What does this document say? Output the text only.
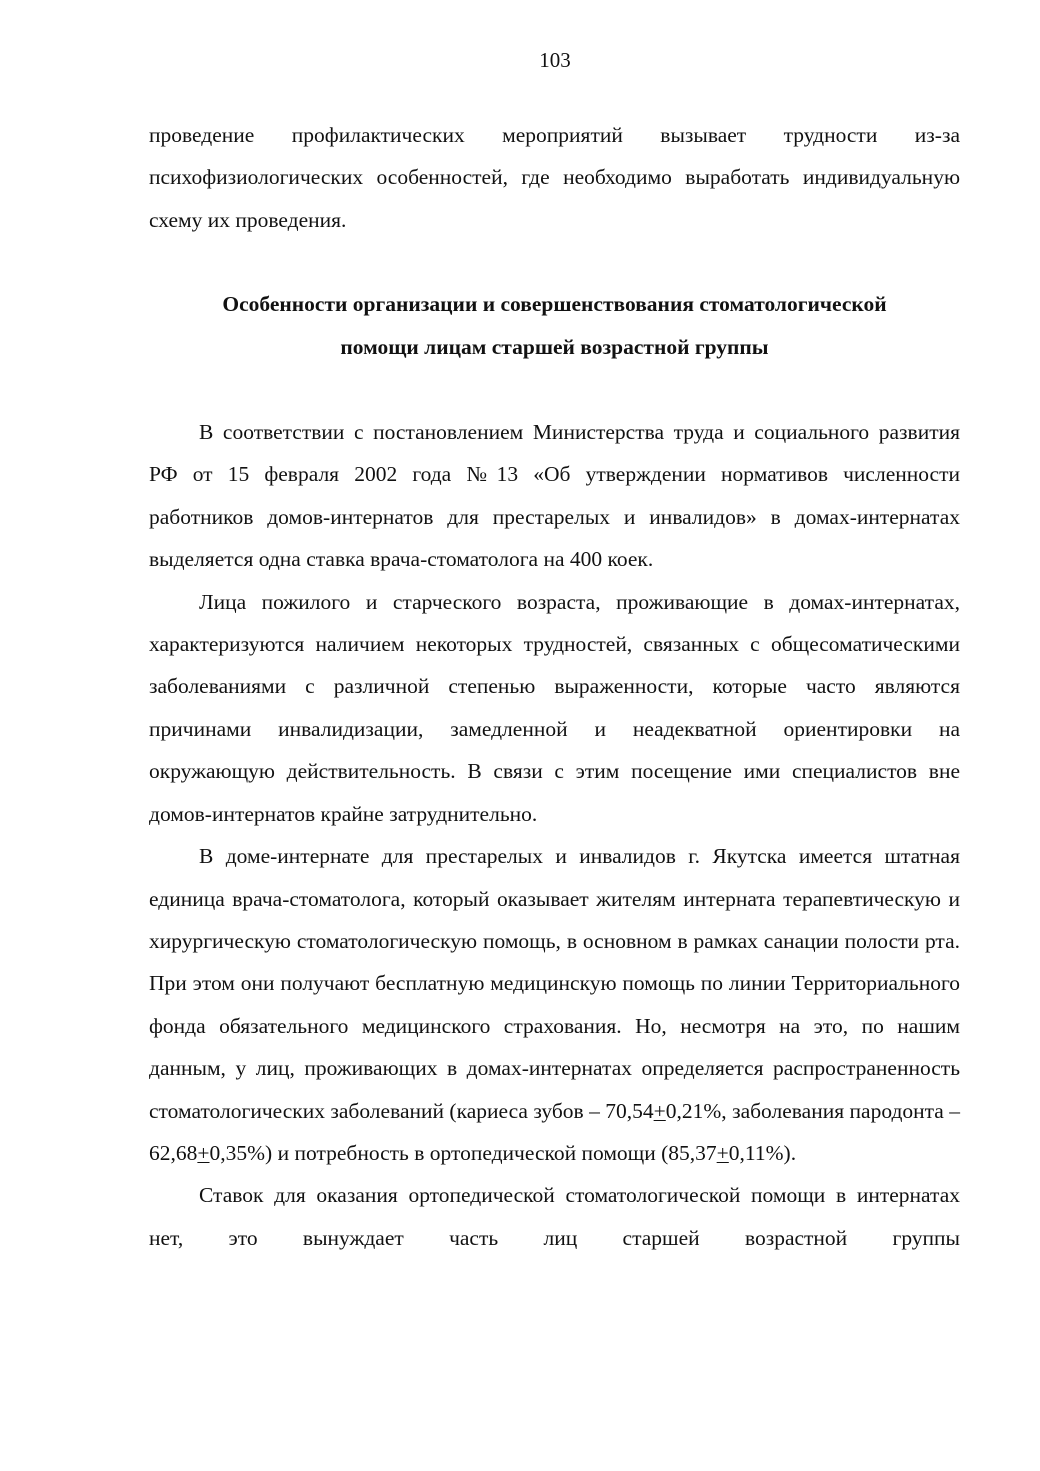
103

проведение профилактических мероприятий вызывает трудности из-за психофизиологических особенностей, где необходимо выработать индивидуальную схему их проведения.

Особенности организации и совершенствования стоматологической
помощи лицам старшей возрастной группы

В соответствии с постановлением Министерства труда и социального развития РФ от 15 февраля 2002 года №13 «Об утверждении нормативов численности работников домов-интернатов для престарелых и инвалидов» в домах-интернатах выделяется одна ставка врача-стоматолога на 400 коек.

Лица пожилого и старческого возраста, проживающие в домах-интернатах, характеризуются наличием некоторых трудностей, связанных с общесоматическими заболеваниями с различной степенью выраженности, которые часто являются причинами инвалидизации, замедленной и неадекватной ориентировки на окружающую действительность. В связи с этим посещение ими специалистов вне домов-интернатов крайне затруднительно.

В доме-интернате для престарелых и инвалидов г. Якутска имеется штатная единица врача-стоматолога, который оказывает жителям интерната терапевтическую и хирургическую стоматологическую помощь, в основном в рамках санации полости рта. При этом они получают бесплатную медицинскую помощь по линии Территориального фонда обязательного медицинского страхования. Но, несмотря на это, по нашим данным, у лиц, проживающих в домах-интернатах определяется распространенность стоматологических заболеваний (кариеса зубов – 70,54+0,21%, заболевания пародонта – 62,68+0,35%) и потребность в ортопедической помощи (85,37+0,11%).

Ставок для оказания ортопедической стоматологической помощи в интернатах нет, это вынуждает часть лиц старшей возрастной группы
